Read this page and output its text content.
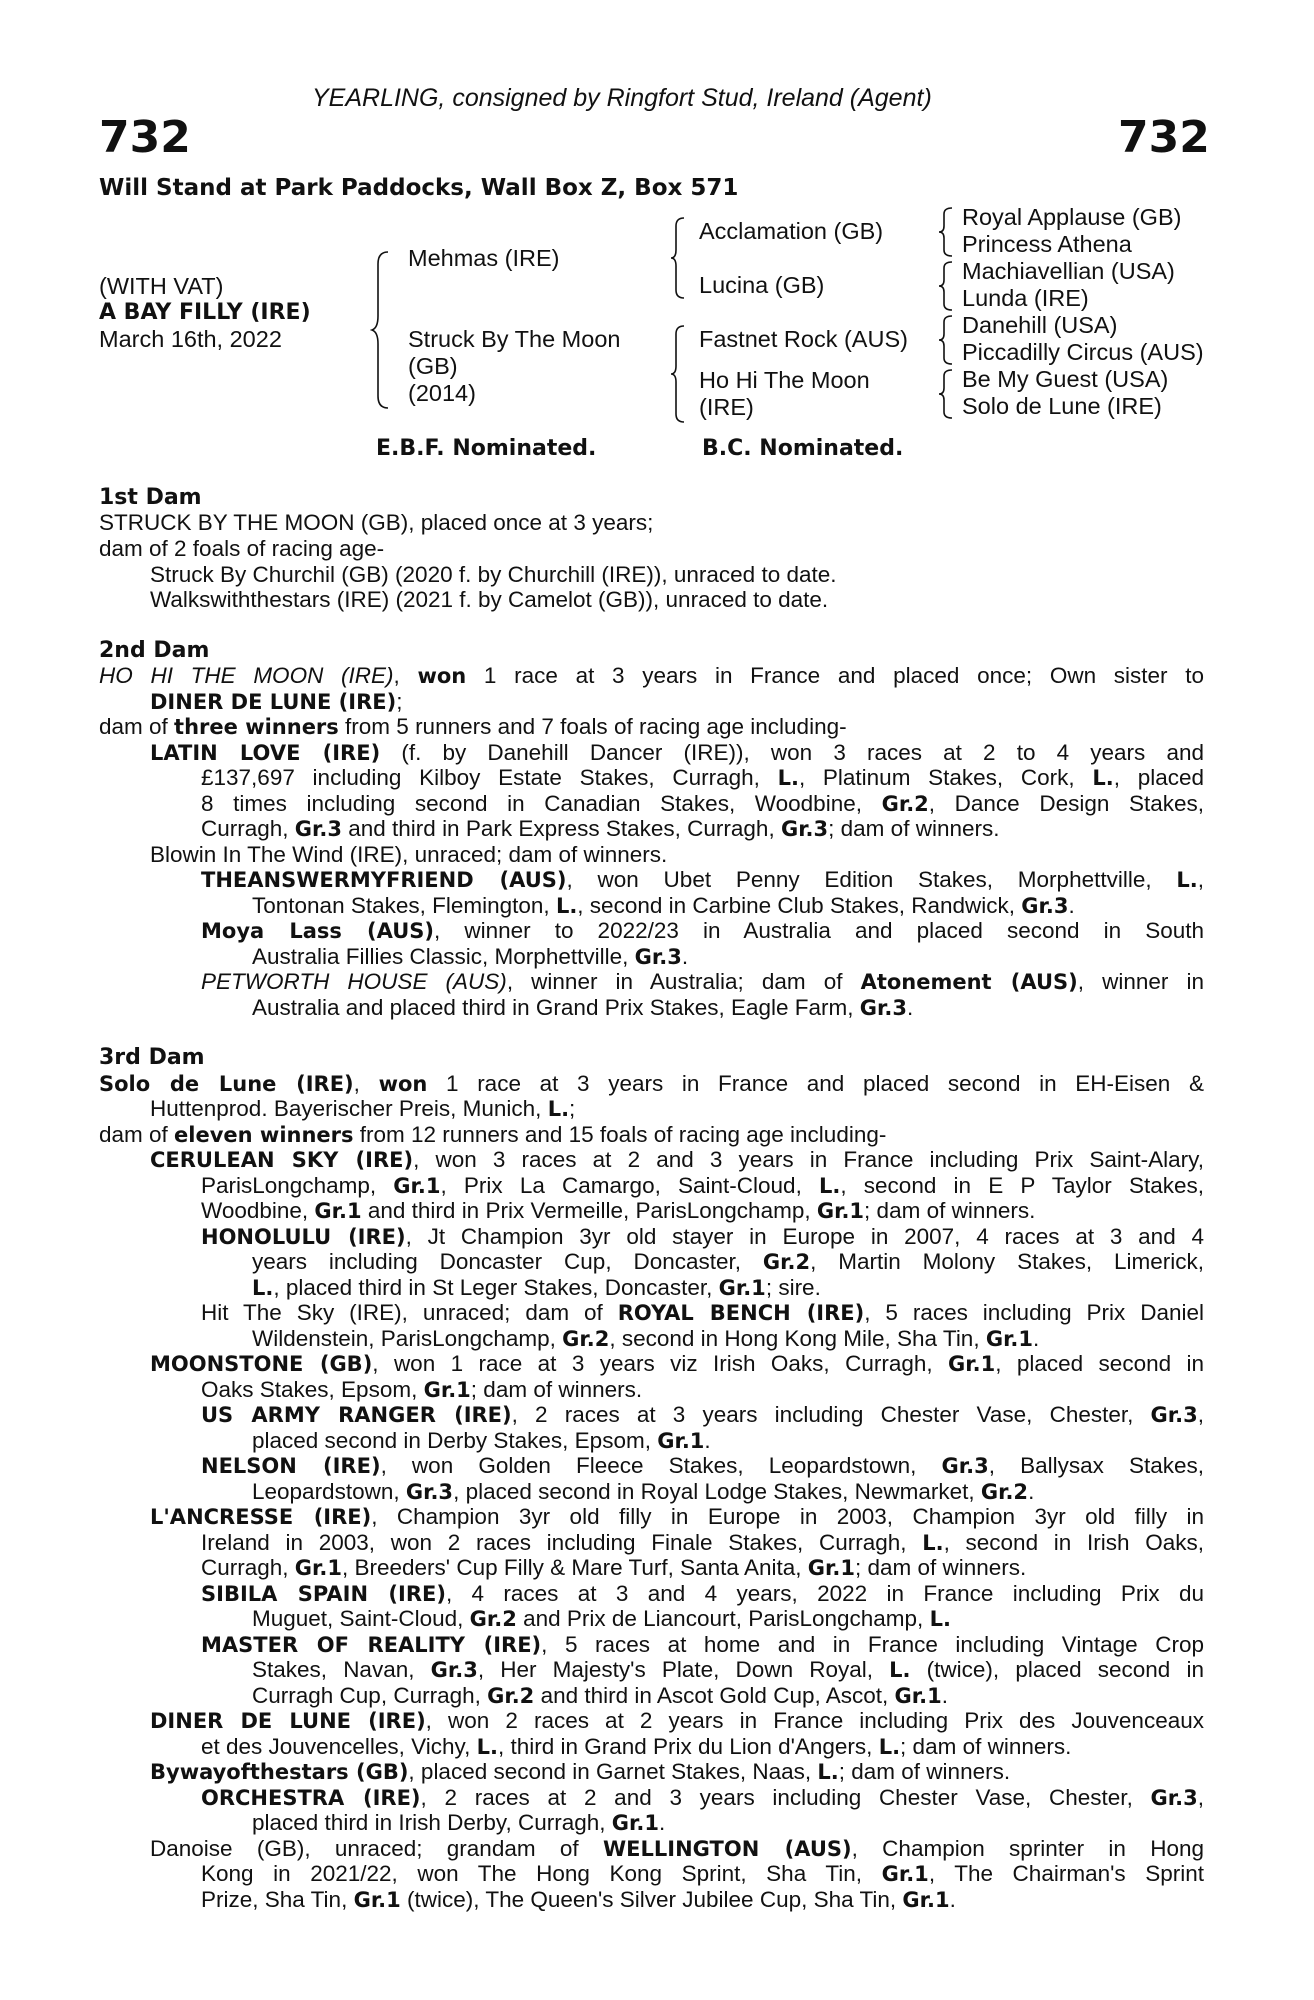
YEARLING, consigned by Ringfort Stud, Ireland (Agent)
732	732
Will Stand at Park Paddocks, Wall Box Z, Box 571
(WITH VAT)
A BAY FILLY (IRE)
March 16th, 2022
Mehmas (IRE)
Struck By The Moon
(GB)
(2014)
Acclamation (GB)
Lucina (GB)
Fastnet Rock (AUS)
Ho Hi The Moon
(IRE)
Royal Applause (GB)
Princess Athena
Machiavellian (USA)
Lunda (IRE)
Danehill (USA)
Piccadilly Circus (AUS)
Be My Guest (USA)
Solo de Lune (IRE)
E.B.F. Nominated.	B.C. Nominated.
1st Dam
STRUCK BY THE MOON (GB), placed once at 3 years;
dam of 2 foals of racing age-
Struck By Churchil (GB) (2020 f. by Churchill (IRE)), unraced to date.
Walkswiththestars (IRE) (2021 f. by Camelot (GB)), unraced to date.
2nd Dam
HO HI THE MOON (IRE), won 1 race at 3 years in France and placed once; Own sister to
DINER DE LUNE (IRE);
dam of three winners from 5 runners and 7 foals of racing age including-
LATIN LOVE (IRE) (f. by Danehill Dancer (IRE)), won 3 races at 2 to 4 years and
£137,697 including Kilboy Estate Stakes, Curragh, L., Platinum Stakes, Cork, L., placed
8 times including second in Canadian Stakes, Woodbine, Gr.2, Dance Design Stakes,
Curragh, Gr.3 and third in Park Express Stakes, Curragh, Gr.3; dam of winners.
Blowin In The Wind (IRE), unraced; dam of winners.
THEANSWERMYFRIEND (AUS), won Ubet Penny Edition Stakes, Morphettville, L.,
Tontonan Stakes, Flemington, L., second in Carbine Club Stakes, Randwick, Gr.3.
Moya Lass (AUS), winner to 2022/23 in Australia and placed second in South
Australia Fillies Classic, Morphettville, Gr.3.
PETWORTH HOUSE (AUS), winner in Australia; dam of Atonement (AUS), winner in
Australia and placed third in Grand Prix Stakes, Eagle Farm, Gr.3.
3rd Dam
Solo de Lune (IRE), won 1 race at 3 years in France and placed second in EH-Eisen &
Huttenprod. Bayerischer Preis, Munich, L.;
dam of eleven winners from 12 runners and 15 foals of racing age including-
CERULEAN SKY (IRE), won 3 races at 2 and 3 years in France including Prix Saint-Alary,
ParisLongchamp, Gr.1, Prix La Camargo, Saint-Cloud, L., second in E P Taylor Stakes,
Woodbine, Gr.1 and third in Prix Vermeille, ParisLongchamp, Gr.1; dam of winners.
HONOLULU (IRE), Jt Champion 3yr old stayer in Europe in 2007, 4 races at 3 and 4
years including Doncaster Cup, Doncaster, Gr.2, Martin Molony Stakes, Limerick,
L., placed third in St Leger Stakes, Doncaster, Gr.1; sire.
Hit The Sky (IRE), unraced; dam of ROYAL BENCH (IRE), 5 races including Prix Daniel
Wildenstein, ParisLongchamp, Gr.2, second in Hong Kong Mile, Sha Tin, Gr.1.
MOONSTONE (GB), won 1 race at 3 years viz Irish Oaks, Curragh, Gr.1, placed second in
Oaks Stakes, Epsom, Gr.1; dam of winners.
US ARMY RANGER (IRE), 2 races at 3 years including Chester Vase, Chester, Gr.3,
placed second in Derby Stakes, Epsom, Gr.1.
NELSON (IRE), won Golden Fleece Stakes, Leopardstown, Gr.3, Ballysax Stakes,
Leopardstown, Gr.3, placed second in Royal Lodge Stakes, Newmarket, Gr.2.
L'ANCRESSE (IRE), Champion 3yr old filly in Europe in 2003, Champion 3yr old filly in
Ireland in 2003, won 2 races including Finale Stakes, Curragh, L., second in Irish Oaks,
Curragh, Gr.1, Breeders' Cup Filly & Mare Turf, Santa Anita, Gr.1; dam of winners.
SIBILA SPAIN (IRE), 4 races at 3 and 4 years, 2022 in France including Prix du
Muguet, Saint-Cloud, Gr.2 and Prix de Liancourt, ParisLongchamp, L.
MASTER OF REALITY (IRE), 5 races at home and in France including Vintage Crop
Stakes, Navan, Gr.3, Her Majesty's Plate, Down Royal, L. (twice), placed second in
Curragh Cup, Curragh, Gr.2 and third in Ascot Gold Cup, Ascot, Gr.1.
DINER DE LUNE (IRE), won 2 races at 2 years in France including Prix des Jouvenceaux
et des Jouvencelles, Vichy, L., third in Grand Prix du Lion d'Angers, L.; dam of winners.
Bywayofthestars (GB), placed second in Garnet Stakes, Naas, L.; dam of winners.
ORCHESTRA (IRE), 2 races at 2 and 3 years including Chester Vase, Chester, Gr.3,
placed third in Irish Derby, Curragh, Gr.1.
Danoise (GB), unraced; grandam of WELLINGTON (AUS), Champion sprinter in Hong
Kong in 2021/22, won The Hong Kong Sprint, Sha Tin, Gr.1, The Chairman's Sprint
Prize, Sha Tin, Gr.1 (twice), The Queen's Silver Jubilee Cup, Sha Tin, Gr.1.
